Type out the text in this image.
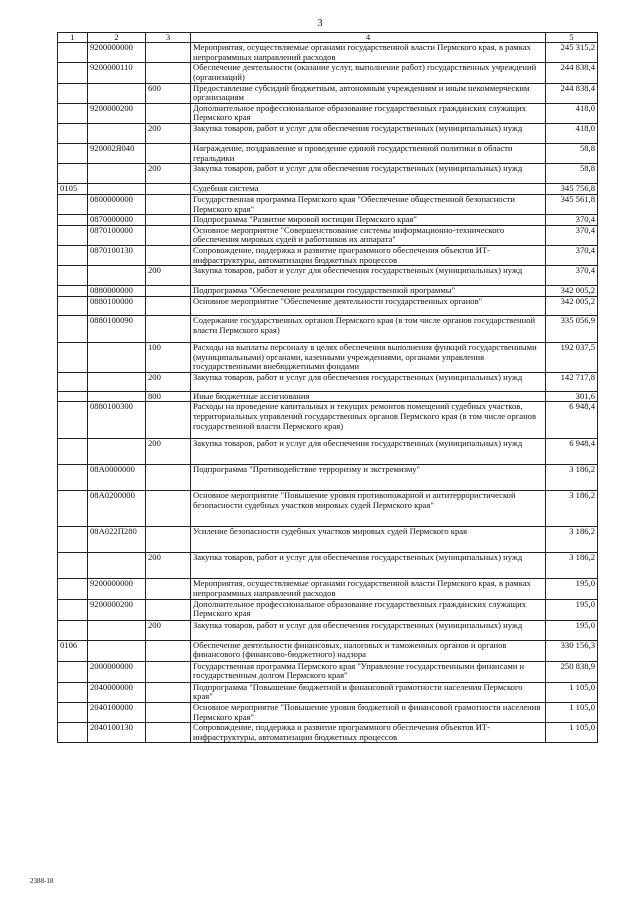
3
1	2	3	4	5
	9200000000		Мероприятия, осуществляемые органами государственной власти Пермского края, в рамках непрограммных направлений расходов	245 315,2
	9200000110		Обеспечение деятельности (оказание услуг, выполнение работ) государственных учреждений (организаций)	244 838,4
		600	Предоставление субсидий бюджетным, автономным учреждениям и иным некоммерческим организациям	244 838,4
	9200000200		Дополнительное профессиональное образование государственных гражданских служащих Пермского края	418,0
		200	Закупка товаров, работ и услуг для обеспечения государственных (муниципальных) нужд	418,0
	920002Я040		Награждение, поздравление и проведение единой государственной политики в области геральдики	58,8
		200	Закупка товаров, работ и услуг для обеспечения государственных (муниципальных) нужд	58,8
0105			Судебная система	345 756,8
	0800000000		Государственная программа Пермского края "Обеспечение общественной безопасности Пермского края"	345 561,8
	0870000000		Подпрограмма "Развитие мировой юстиции Пермского края"	370,4
	0870100000		Основное мероприятие "Совершенствование системы информационно-технического обеспечения мировых судей и работников их аппарата"	370,4
	0870100130		Сопровождение, поддержка и развитие программного обеспечения объектов ИТ-инфраструктуры, автоматизации бюджетных процессов	370,4
		200	Закупка товаров, работ и услуг для обеспечения государственных (муниципальных) нужд	370,4
	0880000000		Подпрограмма "Обеспечение реализации государственной программы"	342 005,2
	0880100000		Основное мероприятие "Обеспечение деятельности государственных органов"	342 005,2
	0880100090		Содержание государственных органов Пермского края (в том числе органов государственной власти Пермского края)	335 056,9
		100	Расходы на выплаты персоналу в целях обеспечения выполнения функций государственными (муниципальными) органами, казенными учреждениями, органами управления государственными внебюджетными фондами	192 037,5
		200	Закупка товаров, работ и услуг для обеспечения государственных (муниципальных) нужд	142 717,8
		800	Иные бюджетные ассигнования	301,6
	0880100300		Расходы на проведение капитальных и текущих ремонтов помещений судебных участков, территориальных управлений государственных органов Пермского края (в том числе органов государственной власти Пермского края)	6 948,4
		200	Закупка товаров, работ и услуг для обеспечения государственных (муниципальных) нужд	6 948,4
	08А0000000		Подпрограмма "Противодействие терроризму и экстремизму"	3 186,2
	08А0200000		Основное мероприятие "Повышение уровня противопожарной и антитеррористической безопасности судебных участков мировых судей Пермского края"	3 186,2
	08А022П280		Усиление безопасности судебных участков мировых судей Пермского края	3 186,2
		200	Закупка товаров, работ и услуг для обеспечения государственных (муниципальных) нужд	3 186,2
	9200000000		Мероприятия, осуществляемые органами государственной власти Пермского края, в рамках непрограммных направлений расходов	195,0
	9200000200		Дополнительное профессиональное образование государственных гражданских служащих Пермского края	195,0
		200	Закупка товаров, работ и услуг для обеспечения государственных (муниципальных) нужд	195,0
0106			Обеспечение деятельности финансовых, налоговых и таможенных органов и органов финансового (финансово-бюджетного) надзора	330 156,3
	2000000000		Государственная программа Пермского края "Управление государственными финансами и государственным долгом Пермского края"	250 838,9
	2040000000		Подпрограмма "Повышение бюджетной и финансовой грамотности населения Пермского края"	1 105,0
	2040100000		Основное мероприятие "Повышение уровня бюджетной и финансовой грамотности населения Пермского края"	1 105,0
	2040100130		Сопровождение, поддержка и развитие программного обеспечения объектов ИТ-инфраструктуры, автоматизации бюджетных процессов	1 105,0
2388-18
